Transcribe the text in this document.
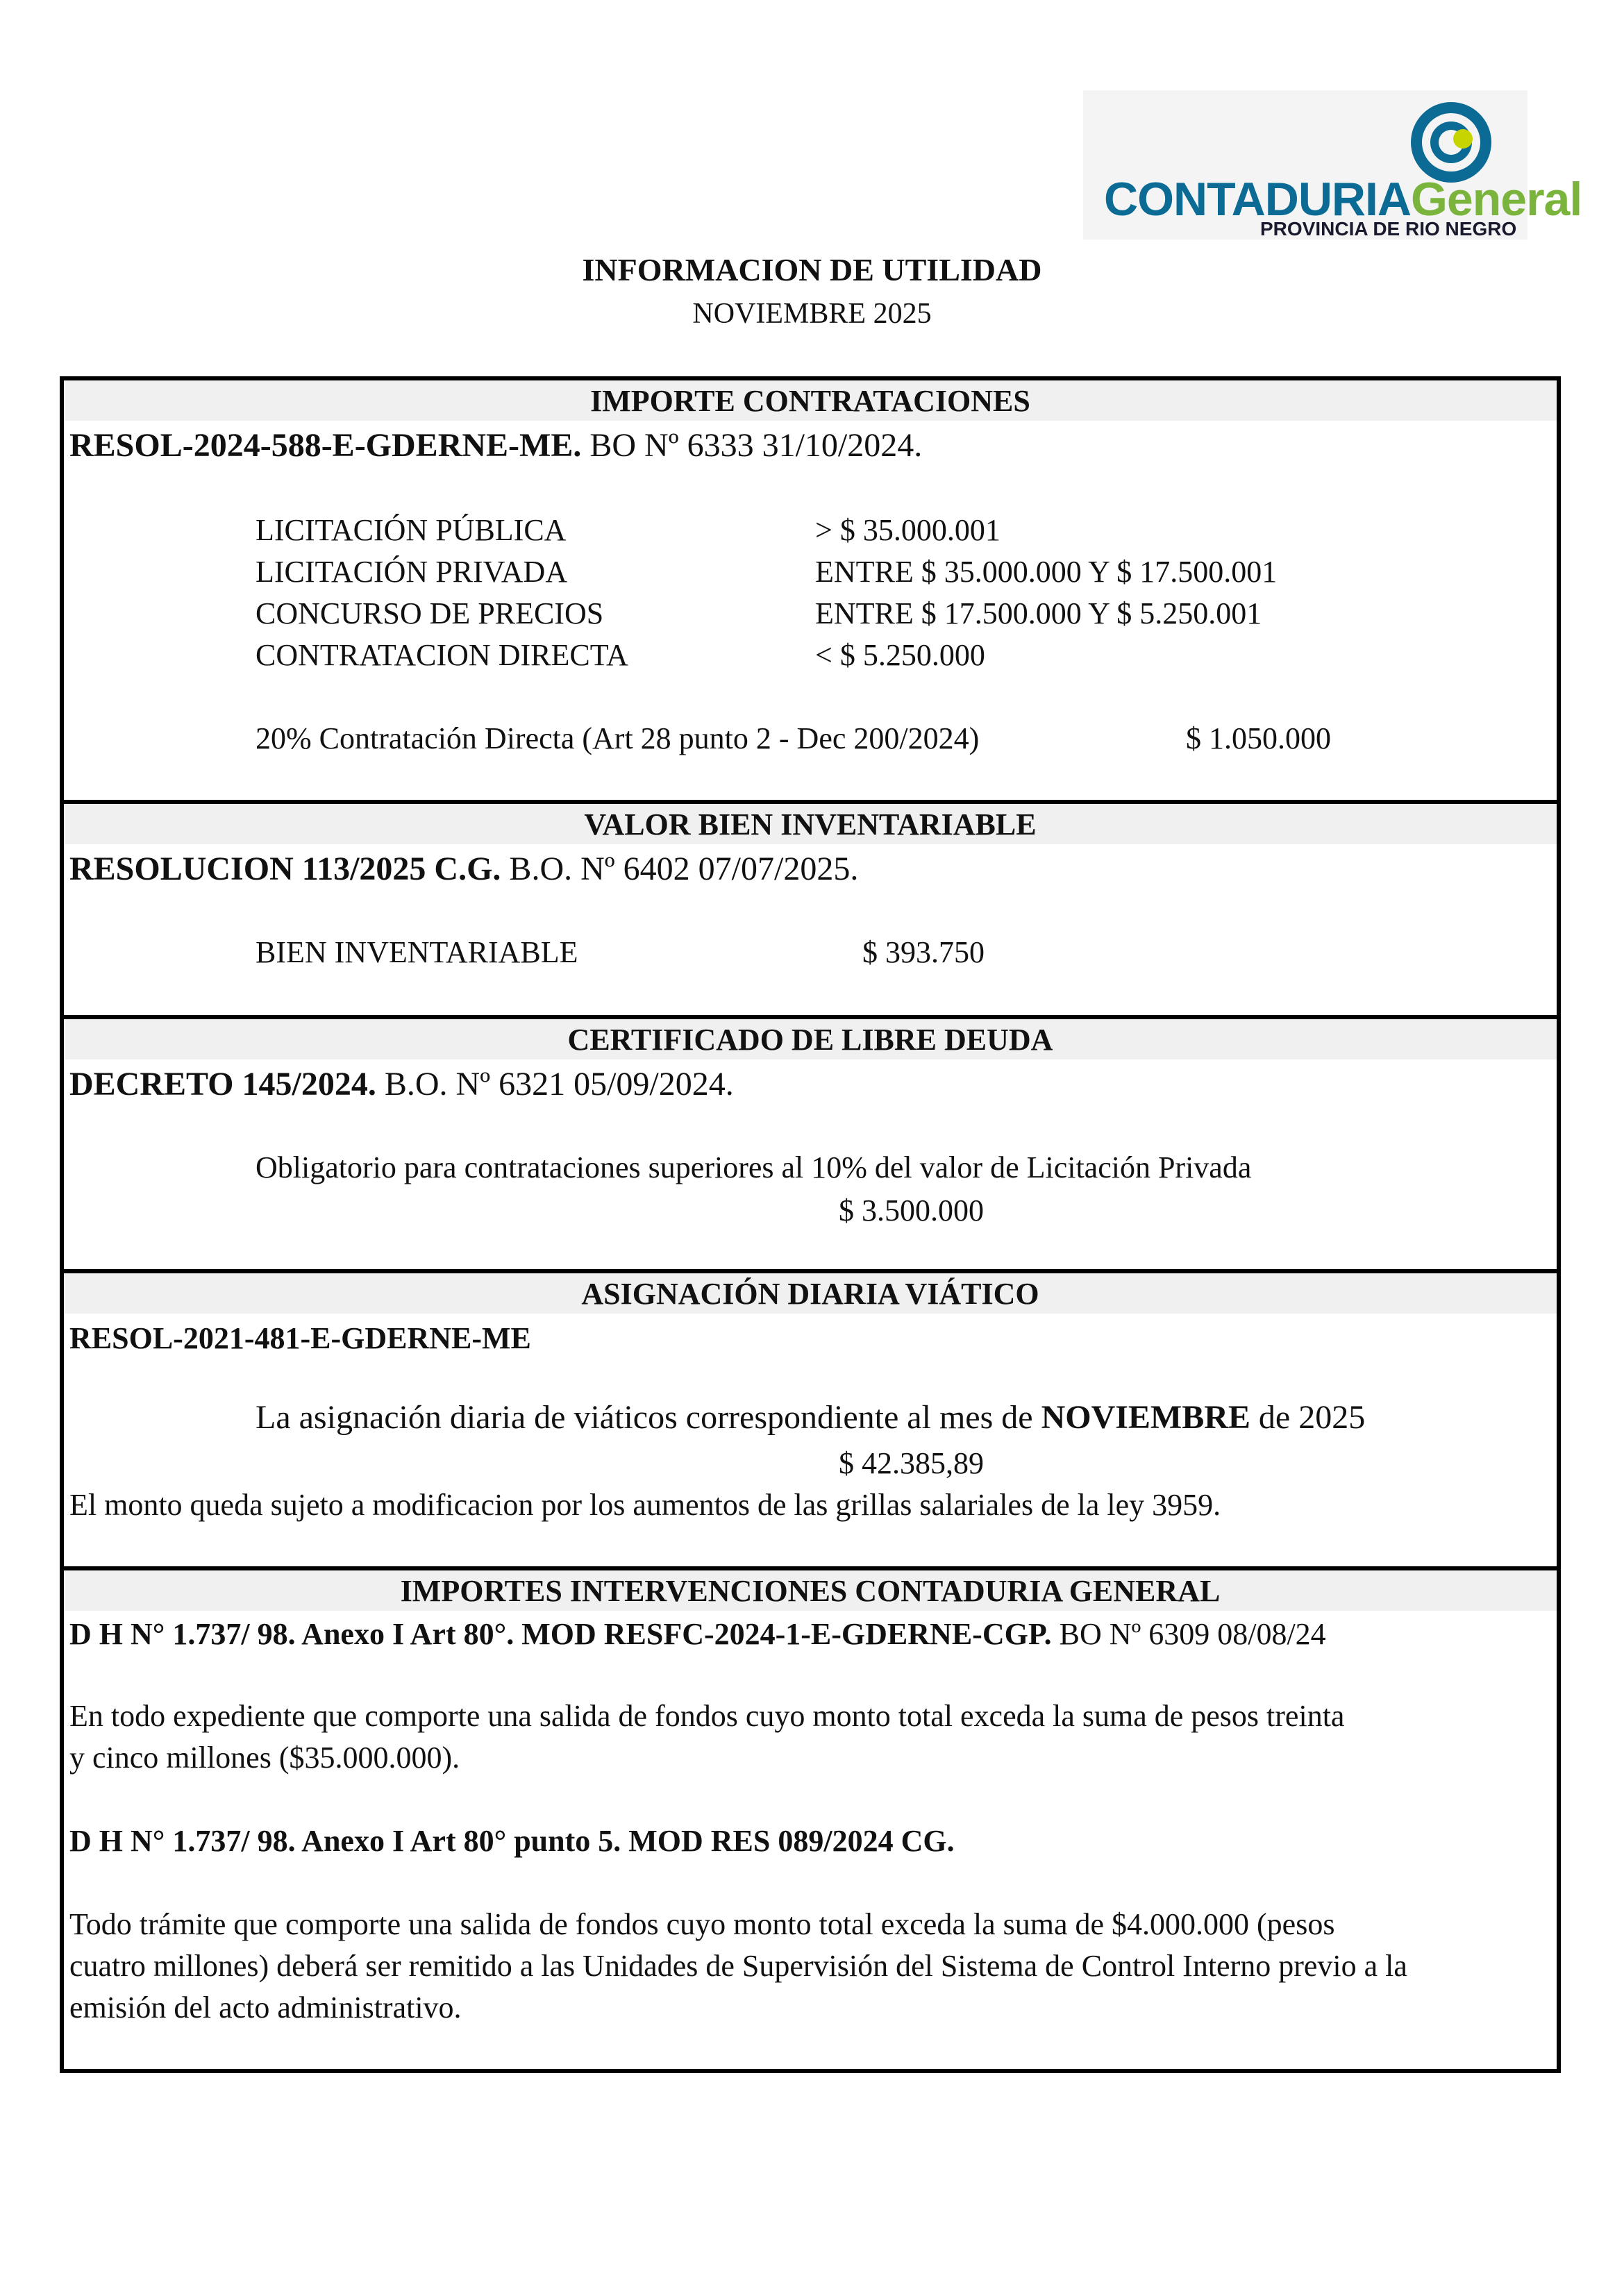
CONTADURIAGeneral
PROVINCIA DE RIO NEGRO
INFORMACION DE UTILIDAD
NOVIEMBRE 2025
IMPORTE CONTRATACIONES
RESOL-2024-588-E-GDERNE-ME. BO Nº 6333 31/10/2024.
LICITACIÓN PÚBLICA	> $ 35.000.001
LICITACIÓN PRIVADA	ENTRE $ 35.000.000 Y $ 17.500.001
CONCURSO DE PRECIOS	ENTRE $ 17.500.000 Y $ 5.250.001
CONTRATACION DIRECTA	< $ 5.250.000
20% Contratación Directa (Art 28 punto 2 - Dec 200/2024)	$ 1.050.000
VALOR BIEN INVENTARIABLE
RESOLUCION 113/2025 C.G. B.O. Nº 6402 07/07/2025.
BIEN INVENTARIABLE	$ 393.750
CERTIFICADO DE LIBRE DEUDA
DECRETO 145/2024. B.O. Nº 6321 05/09/2024.
Obligatorio para contrataciones superiores al 10% del valor de Licitación Privada
$ 3.500.000
ASIGNACIÓN DIARIA VIÁTICO
RESOL-2021-481-E-GDERNE-ME
La asignación diaria de viáticos correspondiente al mes de NOVIEMBRE de 2025
$ 42.385,89
El monto queda sujeto a modificacion por los aumentos de las grillas salariales de la ley 3959.
IMPORTES INTERVENCIONES CONTADURIA GENERAL
D H N° 1.737/ 98. Anexo I Art 80°. MOD RESFC-2024-1-E-GDERNE-CGP. BO Nº 6309 08/08/24
En todo expediente que comporte una salida de fondos cuyo monto total exceda la suma de pesos treinta
y cinco millones ($35.000.000).
D H N° 1.737/ 98. Anexo I Art 80° punto 5. MOD RES 089/2024 CG.
Todo trámite que comporte una salida de fondos cuyo monto total exceda la suma de $4.000.000 (pesos
cuatro millones) deberá ser remitido a las Unidades de Supervisión del Sistema de Control Interno previo a la
emisión del acto administrativo.
